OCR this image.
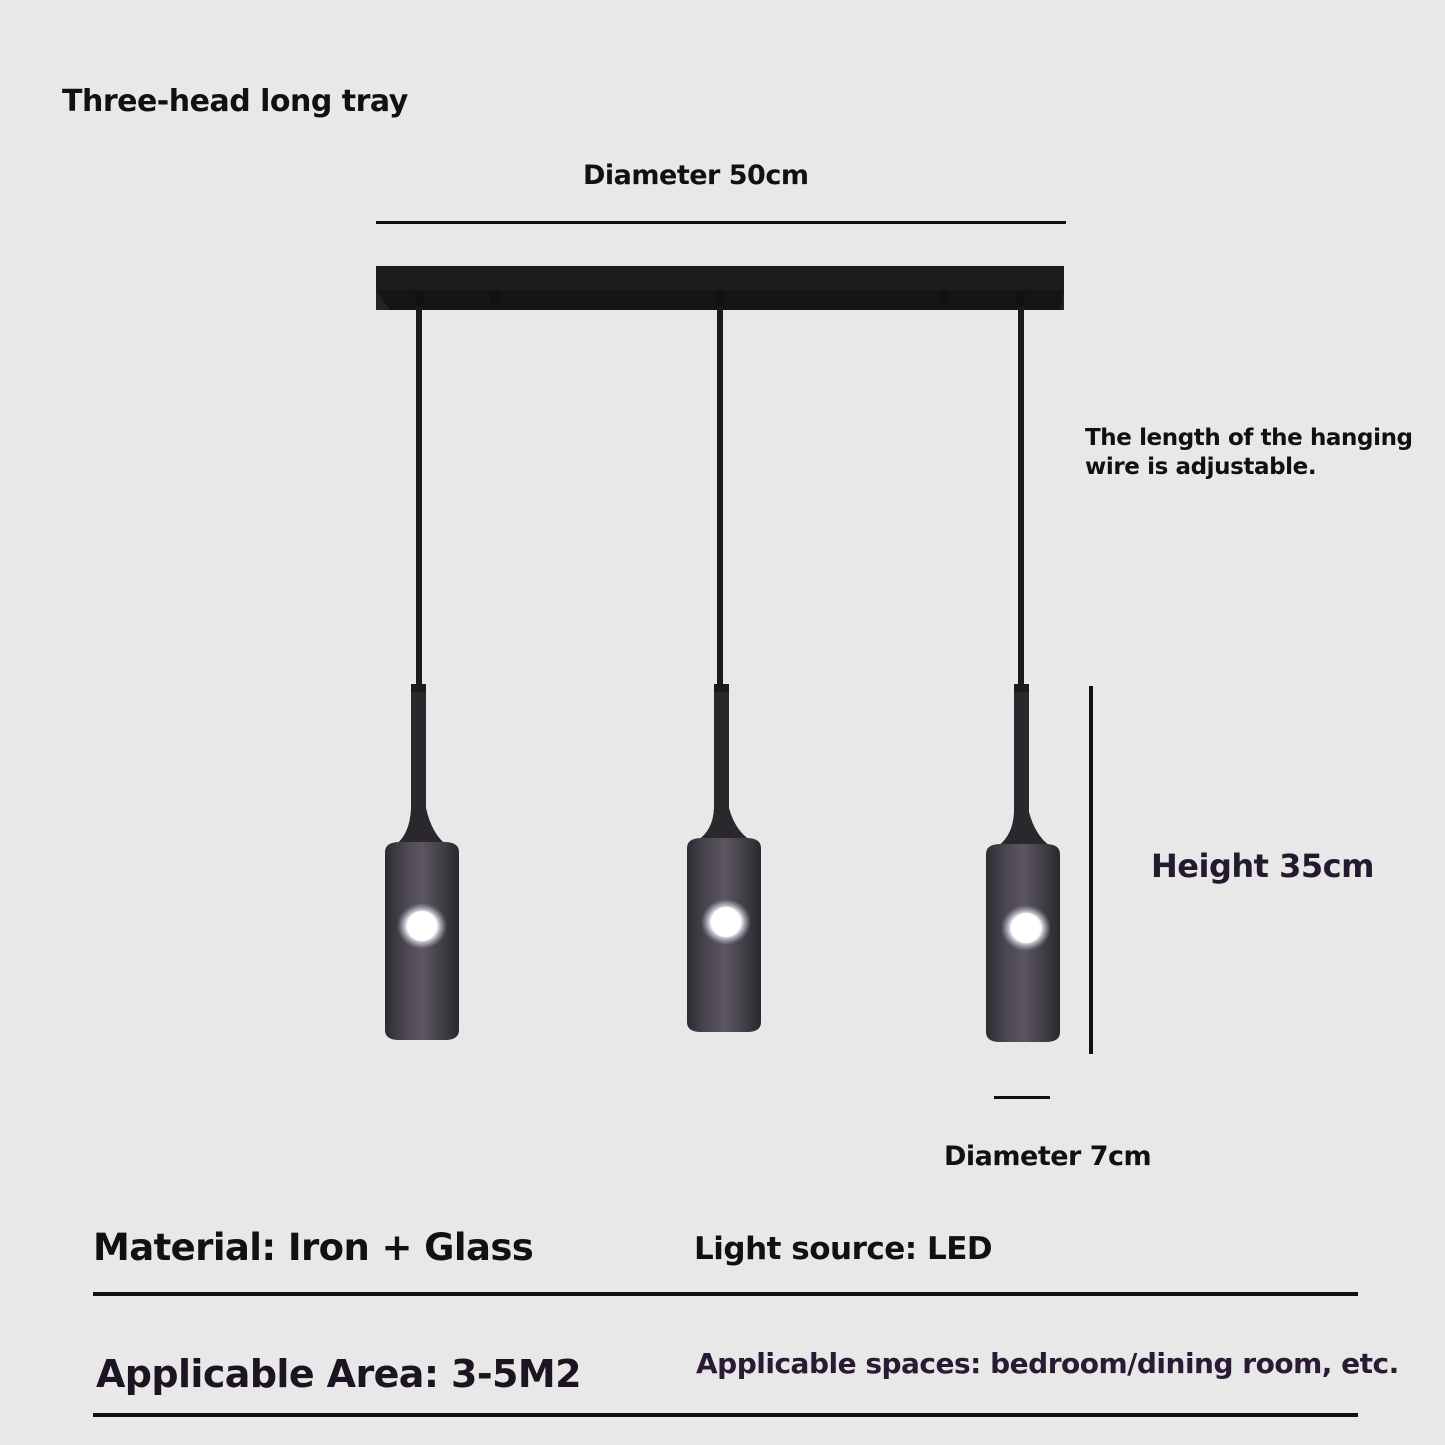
Three-head long tray
Diameter 50cm
The length of the hanging wire is adjustable.
Height 35cm
Diameter 7cm
Material: Iron + Glass	Light source: LED
Applicable Area: 3-5M2	Applicable spaces: bedroom/dining room, etc.
